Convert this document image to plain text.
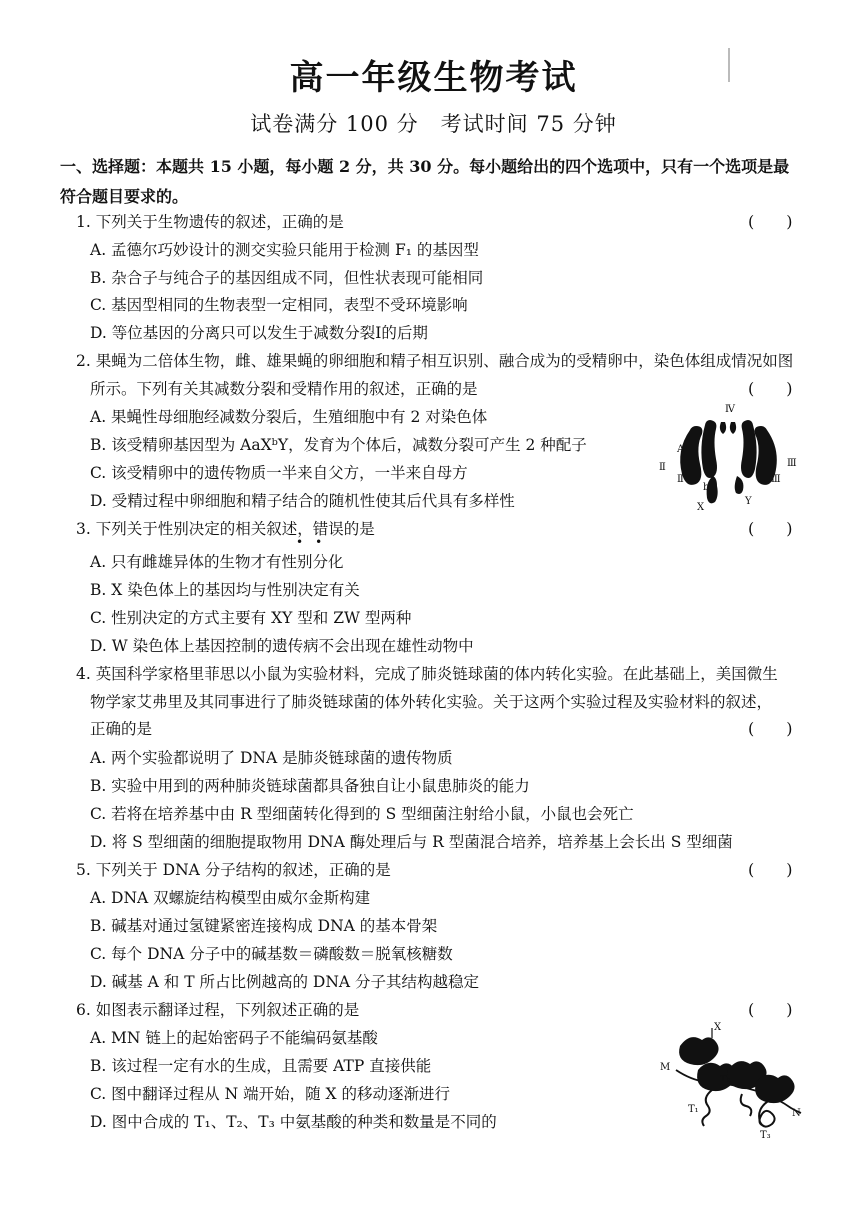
高一年级生物考试
试卷满分 100 分　考试时间 75 分钟
一、选择题：本题共 15 小题，每小题 2 分，共 30 分。每小题给出的四个选项中，只有一个选项是最符合题目要求的。
1. 下列关于生物遗传的叙述，正确的是	(　　)
A. 孟德尔巧妙设计的测交实验只能用于检测 F₁ 的基因型
B. 杂合子与纯合子的基因组成不同，但性状表现可能相同
C. 基因型相同的生物表型一定相同，表型不受环境影响
D. 等位基因的分离只可以发生于减数分裂Ⅰ的后期
2. 果蝇为二倍体生物，雌、雄果蝇的卵细胞和精子相互识别、融合成为的受精卵中，染色体组成情况如图
所示。下列有关其减数分裂和受精作用的叙述，正确的是	(　　)
A. 果蝇性母细胞经减数分裂后，生殖细胞中有 2 对染色体
B. 该受精卵基因型为 AaXᵇY，发育为个体后，减数分裂可产生 2 种配子
C. 该受精卵中的遗传物质一半来自父方，一半来自母方
D. 受精过程中卵细胞和精子结合的随机性使其后代具有多样性
Ⅳ
A
a
Ⅱ
Ⅱ
Ⅲ
Ⅲ
b
X
Y
3. 下列关于性别决定的相关叙述，错误的是
•　•
(　　)
A. 只有雌雄异体的生物才有性别分化
B. X 染色体上的基因均与性别决定有关
C. 性别决定的方式主要有 XY 型和 ZW 型两种
D. W 染色体上基因控制的遗传病不会出现在雄性动物中
4. 英国科学家格里菲思以小鼠为实验材料，完成了肺炎链球菌的体内转化实验。在此基础上，美国微生
物学家艾弗里及其同事进行了肺炎链球菌的体外转化实验。关于这两个实验过程及实验材料的叙述，
正确的是	(　　)
A. 两个实验都说明了 DNA 是肺炎链球菌的遗传物质
B. 实验中用到的两种肺炎链球菌都具备独自让小鼠患肺炎的能力
C. 若将在培养基中由 R 型细菌转化得到的 S 型细菌注射给小鼠，小鼠也会死亡
D. 将 S 型细菌的细胞提取物用 DNA 酶处理后与 R 型菌混合培养，培养基上会长出 S 型细菌
5. 下列关于 DNA 分子结构的叙述，正确的是	(　　)
A. DNA 双螺旋结构模型由威尔金斯构建
B. 碱基对通过氢键紧密连接构成 DNA 的基本骨架
C. 每个 DNA 分子中的碱基数＝磷酸数＝脱氧核糖数
D. 碱基 A 和 T 所占比例越高的 DNA 分子其结构越稳定
6. 如图表示翻译过程，下列叙述正确的是	(　　)
A. MN 链上的起始密码子不能编码氨基酸
B. 该过程一定有水的生成，且需要 ATP 直接供能
C. 图中翻译过程从 N 端开始，随 X 的移动逐渐进行
D. 图中合成的 T₁、T₂、T₃ 中氨基酸的种类和数量是不同的
X
M
T₂
T₁	N
T₃
